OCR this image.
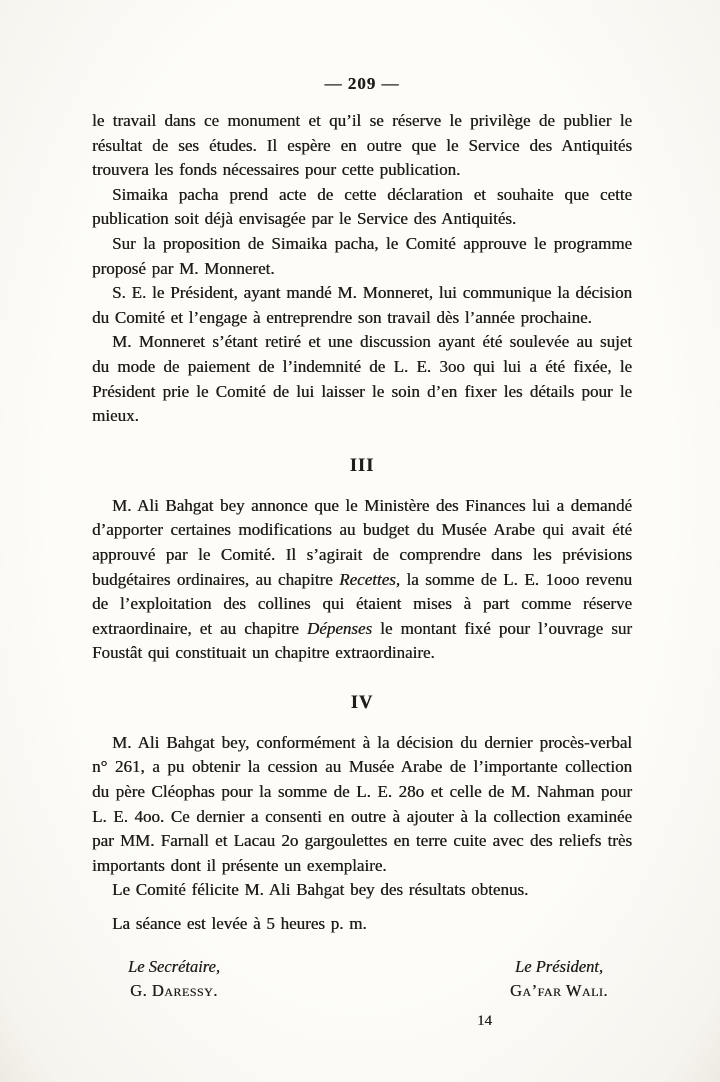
— 209 —

le travail dans ce monument et qu’il se réserve le privilège de publier le résultat de ses études. Il espère en outre que le Service des Antiquités trouvera les fonds nécessaires pour cette publication.

Simaika pacha prend acte de cette déclaration et souhaite que cette publication soit déjà envisagée par le Service des Antiquités.

Sur la proposition de Simaika pacha, le Comité approuve le programme proposé par M. Monneret.

S. E. le Président, ayant mandé M. Monneret, lui communique la décision du Comité et l’engage à entreprendre son travail dès l’année prochaine.

M. Monneret s’étant retiré et une discussion ayant été soulevée au sujet du mode de paiement de l’indemnité de L. E. 3oo qui lui a été fixée, le Président prie le Comité de lui laisser le soin d’en fixer les détails pour le mieux.

III

M. Ali Bahgat bey annonce que le Ministère des Finances lui a demandé d’apporter certaines modifications au budget du Musée Arabe qui avait été approuvé par le Comité. Il s’agirait de comprendre dans les prévisions budgétaires ordinaires, au chapitre Recettes, la somme de L. E. 1ooo revenu de l’exploitation des collines qui étaient mises à part comme réserve extraordinaire, et au chapitre Dépenses le montant fixé pour l’ouvrage sur Foustât qui constituait un chapitre extraordinaire.

IV

M. Ali Bahgat bey, conformément à la décision du dernier procès-verbal n° 261, a pu obtenir la cession au Musée Arabe de l’importante collection du père Cléophas pour la somme de L. E. 28o et celle de M. Nahman pour L. E. 4oo. Ce dernier a consenti en outre à ajouter à la collection examinée par MM. Farnall et Lacau 2o gargoulettes en terre cuite avec des reliefs très importants dont il présente un exemplaire.

Le Comité félicite M. Ali Bahgat bey des résultats obtenus.

La séance est levée à 5 heures p. m.

Le Secrétaire,
G. Daressy.
Le Président,
Ga’far Wali.
14
